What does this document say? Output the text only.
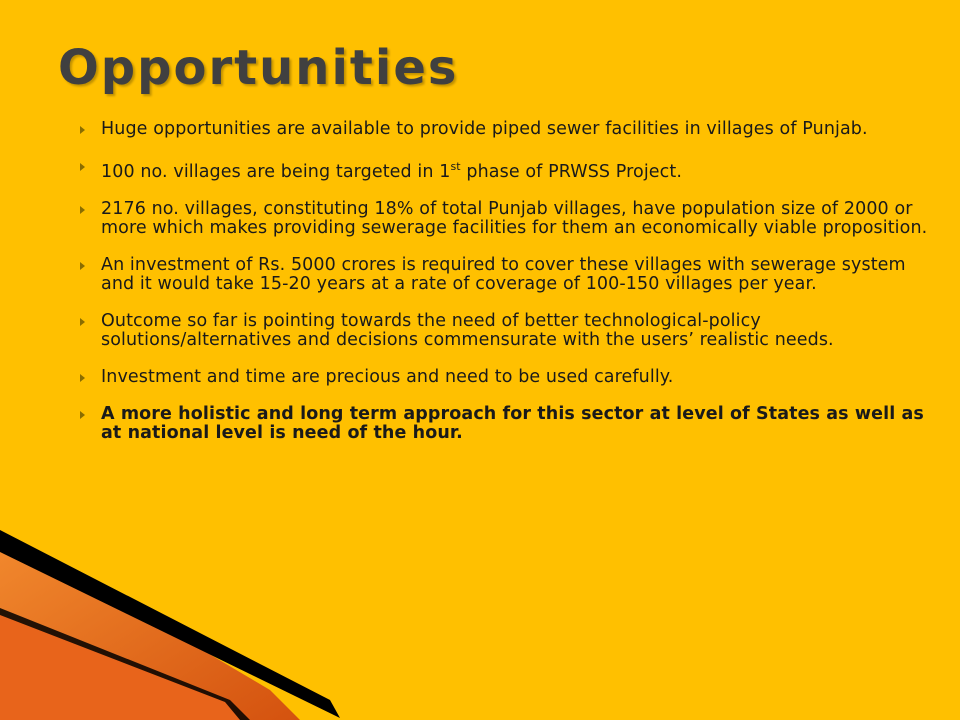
Opportunities
Huge opportunities are available to provide piped sewer facilities in villages of Punjab.
100 no. villages are being targeted in 1st phase of PRWSS Project.
2176 no. villages, constituting 18% of total Punjab villages, have population size of 2000 or more which makes providing sewerage facilities for them an economically viable proposition.
An investment of Rs. 5000 crores is required to cover these villages with sewerage system and it would take 15-20 years at a rate of coverage of 100-150 villages per year.
Outcome so far is pointing towards the need of better technological-policy solutions/alternatives and decisions commensurate with the users’ realistic needs.
Investment and time are precious and need to be used carefully.
A more holistic and long term approach for this sector at level of States as well as at national level is need of the hour.
